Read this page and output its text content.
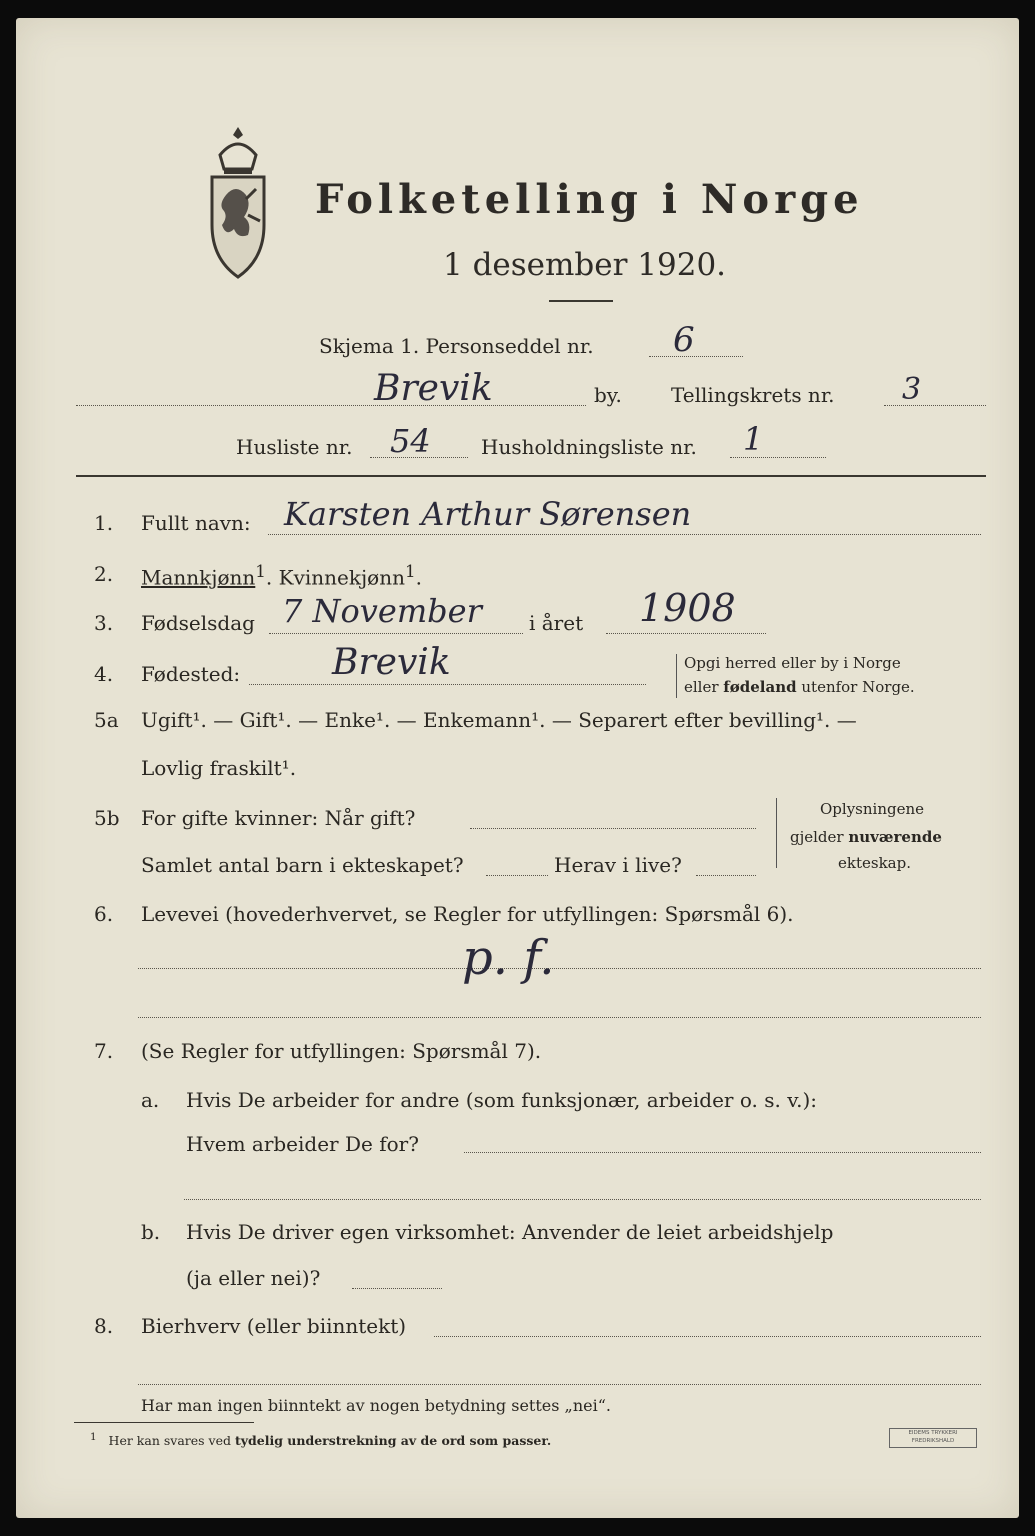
Folketelling i Norge
1 desember 1920.
Skjema 1. Personseddel nr. 6
Brevik	by. Tellingskrets nr. 3
Husliste nr. 54	Husholdningsliste nr. 1
1. Fullt navn: Karsten Arthur Sørensen
2. Mannkjønn$^1$. Kvinnekjønn$^1$.
3. Fødselsdag 7 November i året 1908
4. Fødested:	Brevik	Opgi herred eller by i Norge
eller fødeland utenfor Norge.
5a Ugift¹. — Gift¹. — Enke¹. — Enkemann¹. — Separert efter bevilling¹. —
Lovlig fraskilt¹.
5b For gifte kvinner: Når gift?
Samlet antal barn i ekteskapet?	Herav i live?
Oplysningene
gjelder nuværende
ekteskap.
6. Levevei (hovederhvervet, se Regler for utfyllingen: Spørsmål 6).
p. f.
7. (Se Regler for utfyllingen: Spørsmål 7).
a. Hvis De arbeider for andre (som funksjonær, arbeider o. s. v.):
Hvem arbeider De for?
b. Hvis De driver egen virksomhet: Anvender de leiet arbeidshjelp
(ja eller nei)?
8. Bierhverv (eller biinntekt)
Har man ingen biinntekt av nogen betydning settes „nei“.
$^1$ Her kan svares ved tydelig understrekning av de ord som passer.
EIDEMS TRYKKERI
FREDRIKSHALD
